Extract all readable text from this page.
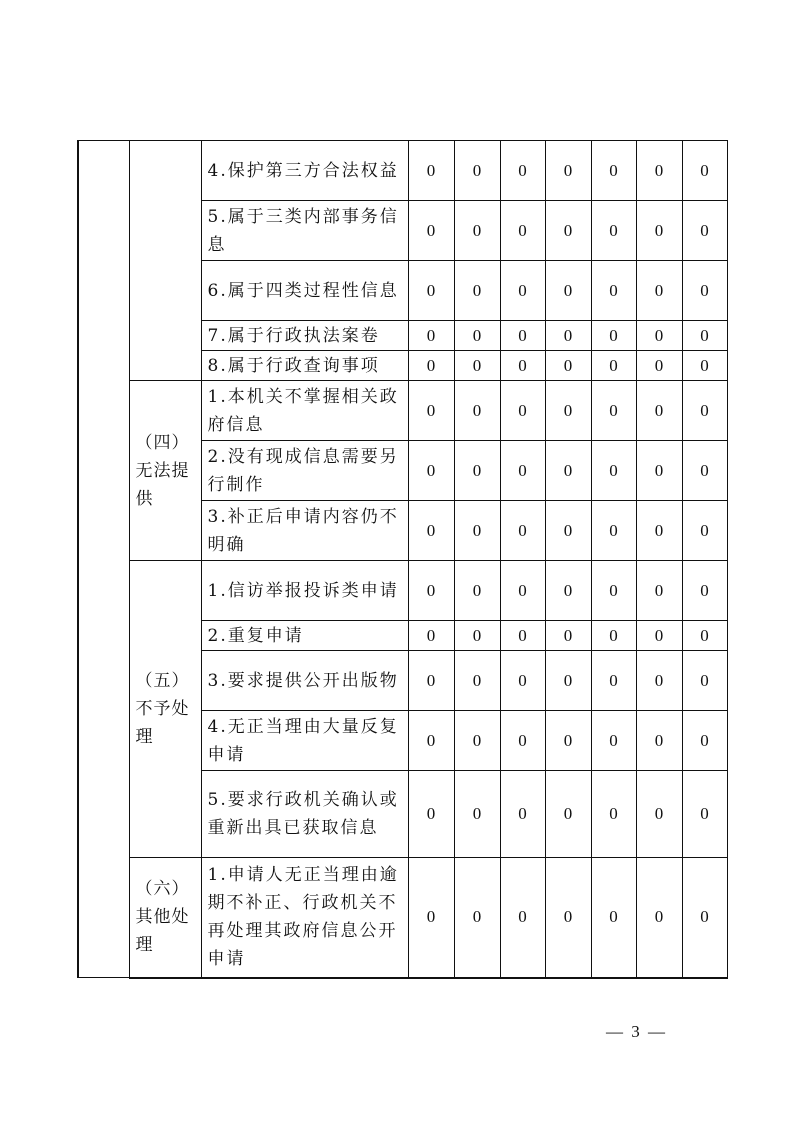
		4.保护第三方合法权益	0	0	0	0	0	0	0
		5.属于三类内部事务信息	0	0	0	0	0	0	0
		6.属于四类过程性信息	0	0	0	0	0	0	0
		7.属于行政执法案卷	0	0	0	0	0	0	0
		8.属于行政查询事项	0	0	0	0	0	0	0
	（四）无法提供	1.本机关不掌握相关政府信息	0	0	0	0	0	0	0
		2.没有现成信息需要另行制作	0	0	0	0	0	0	0
		3.补正后申请内容仍不明确	0	0	0	0	0	0	0
	（五）不予处理	1.信访举报投诉类申请	0	0	0	0	0	0	0
		2.重复申请	0	0	0	0	0	0	0
		3.要求提供公开出版物	0	0	0	0	0	0	0
		4.无正当理由大量反复申请	0	0	0	0	0	0	0
		5.要求行政机关确认或重新出具已获取信息	0	0	0	0	0	0	0
	（六）其他处理	1.申请人无正当理由逾期不补正、行政机关不再处理其政府信息公开申请	0	0	0	0	0	0	0
— 3 —
